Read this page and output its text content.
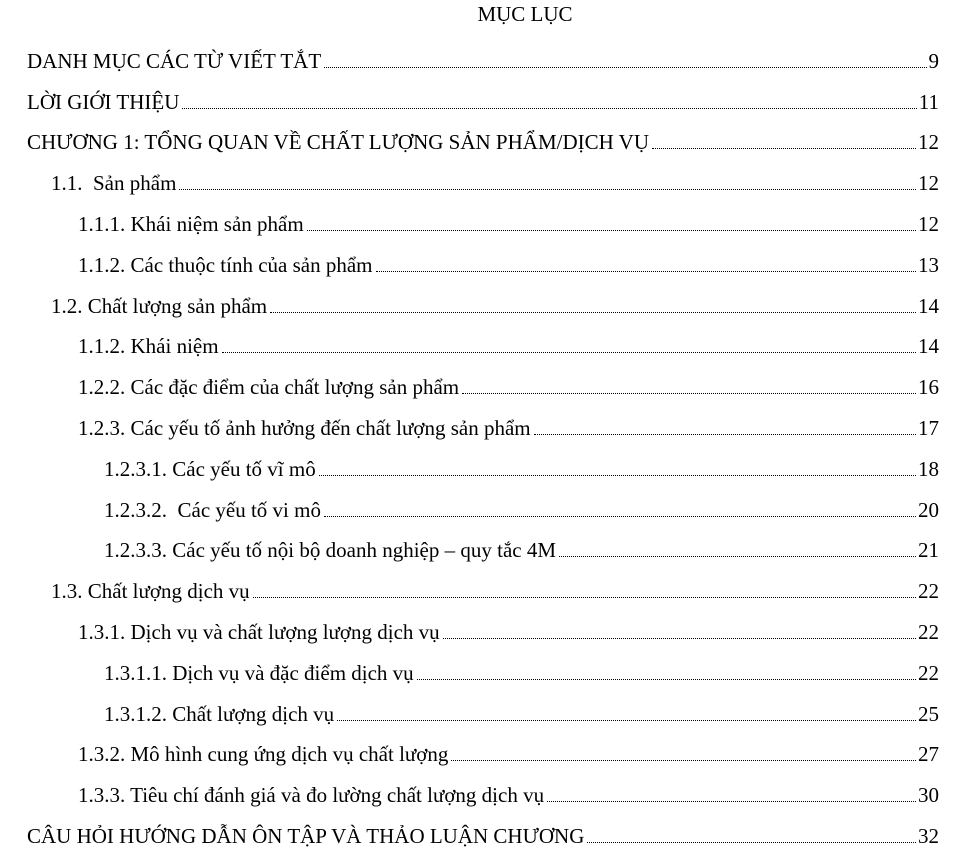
MỤC LỤC
DANH MỤC CÁC TỪ VIẾT TẮT	9
LỜI GIỚI THIỆU	11
CHƯƠNG 1: TỔNG QUAN VỀ CHẤT LƯỢNG SẢN PHẨM/DỊCH VỤ	12
1.1.  Sản phẩm	12
1.1.1. Khái niệm sản phẩm	12
1.1.2. Các thuộc tính của sản phẩm	13
1.2. Chất lượng sản phẩm	14
1.1.2. Khái niệm	14
1.2.2. Các đặc điểm của chất lượng sản phẩm	16
1.2.3. Các yếu tố ảnh hưởng đến chất lượng sản phẩm	17
1.2.3.1. Các yếu tố vĩ mô	18
1.2.3.2.  Các yếu tố vi mô	20
1.2.3.3. Các yếu tố nội bộ doanh nghiệp – quy tắc 4M	21
1.3. Chất lượng dịch vụ	22
1.3.1. Dịch vụ và chất lượng lượng dịch vụ	22
1.3.1.1. Dịch vụ và đặc điểm dịch vụ	22
1.3.1.2. Chất lượng dịch vụ	25
1.3.2. Mô hình cung ứng dịch vụ chất lượng	27
1.3.3. Tiêu chí đánh giá và đo lường chất lượng dịch vụ	30
CÂU HỎI HƯỚNG DẪN ÔN TẬP VÀ THẢO LUẬN CHƯƠNG	32
